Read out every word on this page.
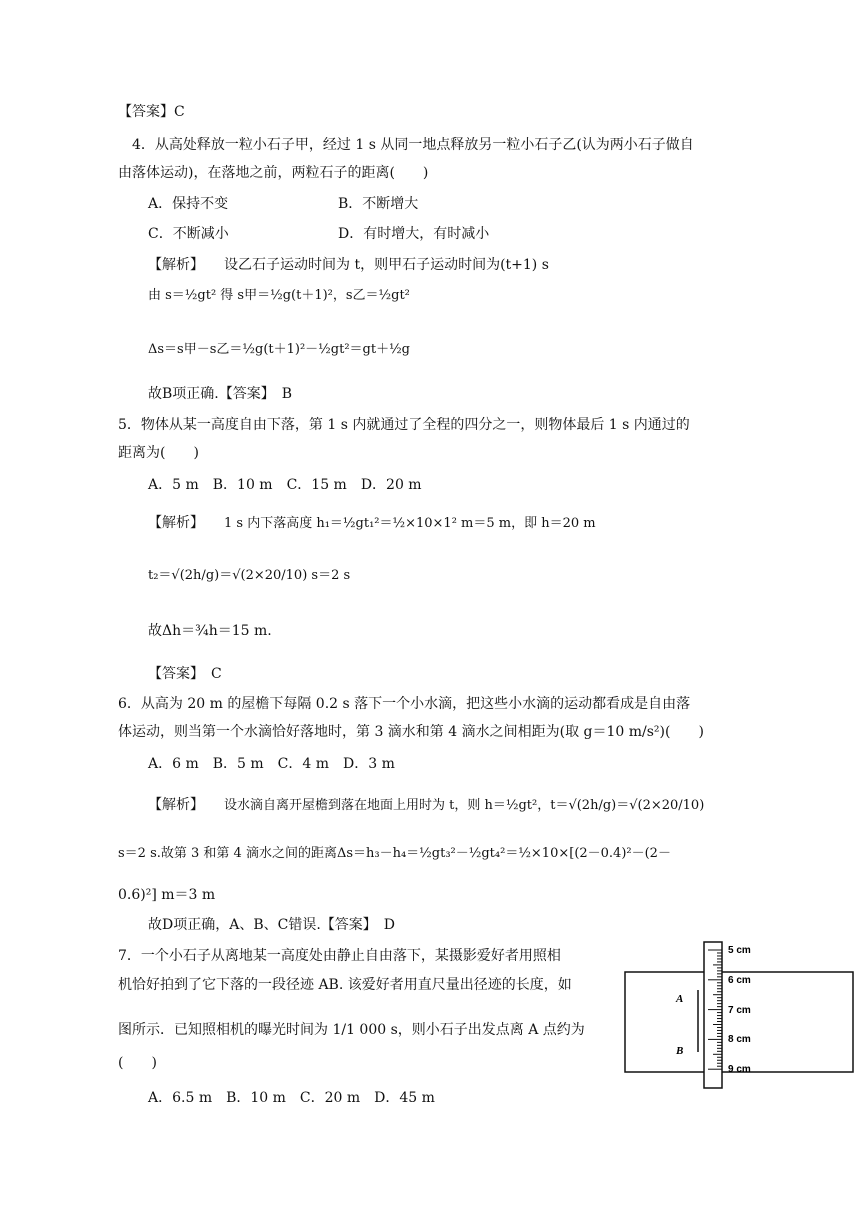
【答案】C
4．从高处释放一粒小石子甲，经过 1 s 从同一地点释放另一粒小石子乙(认为两小石子做自
由落体运动)，在落地之前，两粒石子的距离(　　)
A．保持不变	B．不断增大
C．不断减小	D．有时增大，有时减小
【解析】 设乙石子运动时间为 t，则甲石子运动时间为(t+1) s
由 s＝½gt² 得 s甲＝½g(t＋1)²，s乙＝½gt²
Δs＝s甲－s乙＝½g(t＋1)²－½gt²＝gt＋½g
故B项正确.【答案】　B
5．物体从某一高度自由下落，第 1 s 内就通过了全程的四分之一，则物体最后 1 s 内通过的
距离为(　　)
A．5 m　B．10 m　C．15 m　D．20 m
【解析】 1 s 内下落高度 h₁＝½gt₁²＝½×10×1² m＝5 m，即 h＝20 m
t₂＝√(2h/g)＝√(2×20/10) s＝2 s
故Δh＝¾h＝15 m.
【答案】　C
6．从高为 20 m 的屋檐下每隔 0.2 s 落下一个小水滴，把这些小水滴的运动都看成是自由落
体运动，则当第一个水滴恰好落地时，第 3 滴水和第 4 滴水之间相距为(取 g＝10 m/s²)(　　)
A．6 m　B．5 m　C．4 m　D．3 m
【解析】 设水滴自离开屋檐到落在地面上用时为 t，则 h＝½gt²，t＝√(2h/g)＝√(2×20/10)
s＝2 s.故第 3 和第 4 滴水之间的距离Δs＝h₃－h₄＝½gt₃²－½gt₄²＝½×10×[(2－0.4)²－(2－
0.6)²] m＝3 m
故D项正确，A、B、C错误.【答案】　D
7．一个小石子从离地某一高度处由静止自由落下，某摄影爱好者用照相
机恰好拍到了它下落的一段径迹 AB. 该爱好者用直尺量出径迹的长度，如
图所示．已知照相机的曝光时间为 1/1 000 s，则小石子出发点离 A 点约为
(　　)
A．6.5 m　B．10 m　C．20 m　D．45 m
A
B
5 cm
6 cm
7 cm
8 cm
9 cm
